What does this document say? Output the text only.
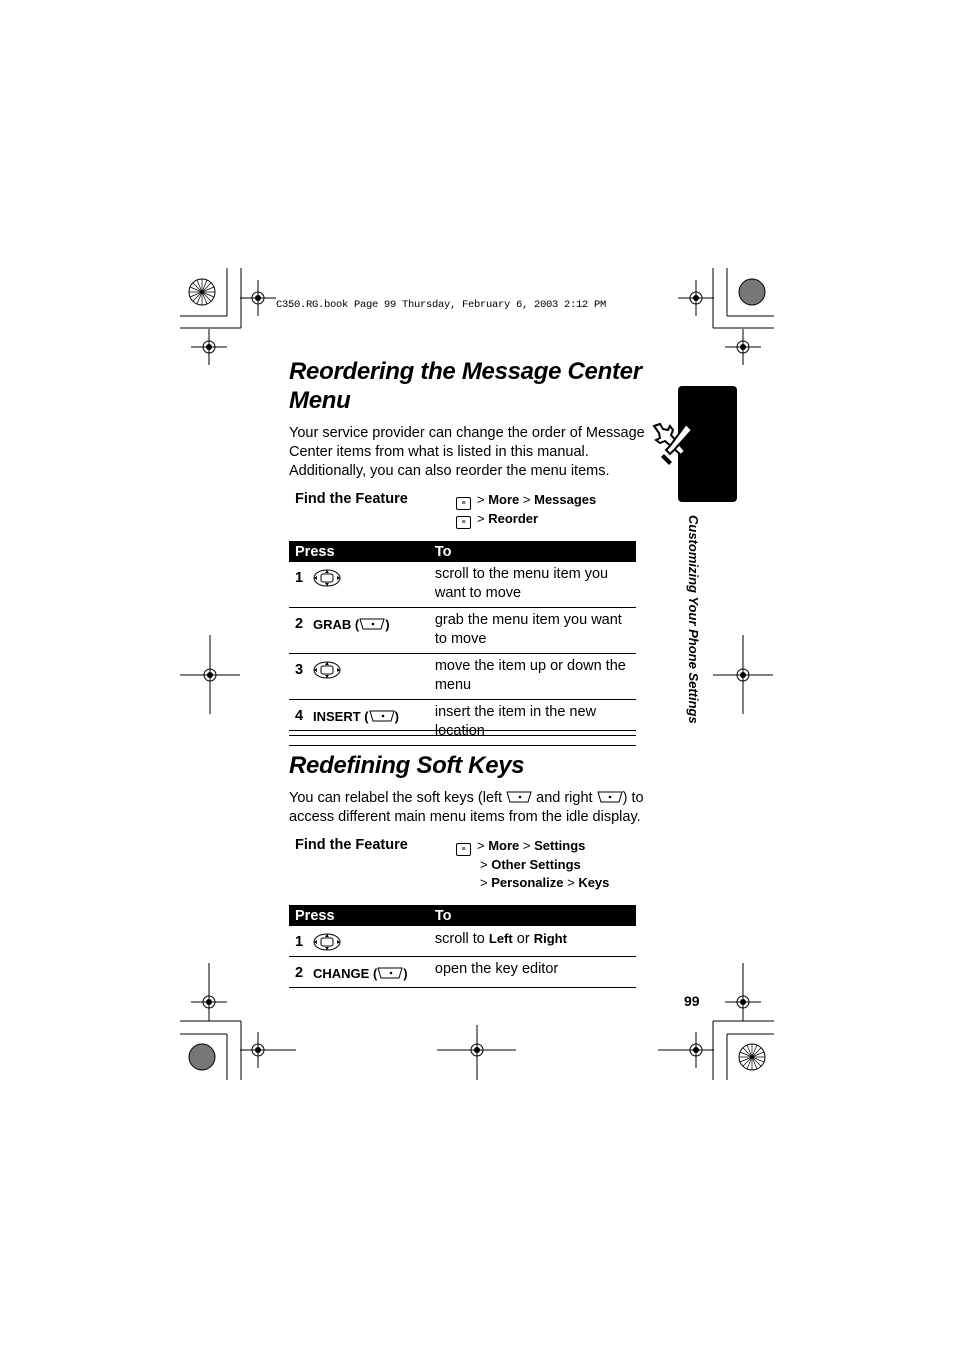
C350.RG.book Page 99 Thursday, February 6, 2003 2:12 PM
Customizing Your Phone Settings
Reordering the Message Center
Menu
Your service provider can change the order of Message
Center items from what is listed in this manual.
Additionally, you can also reorder the menu items.
Find the Feature	≡ > More > Messages
≡ > Reorder
Press		To
1		scroll to the menu item you want to move
2	GRAB ( )	grab the menu item you want to move
3		move the item up or down the menu
4	INSERT ( )	insert the item in the new location
Redefining Soft Keys
You can relabel the soft keys (left and right ) to
access different main menu items from the idle display.
Find the Feature	≡ > More > Settings
> Other Settings
> Personalize > Keys
Press		To
1		scroll to Left or Right
2	CHANGE ( )	open the key editor
99
